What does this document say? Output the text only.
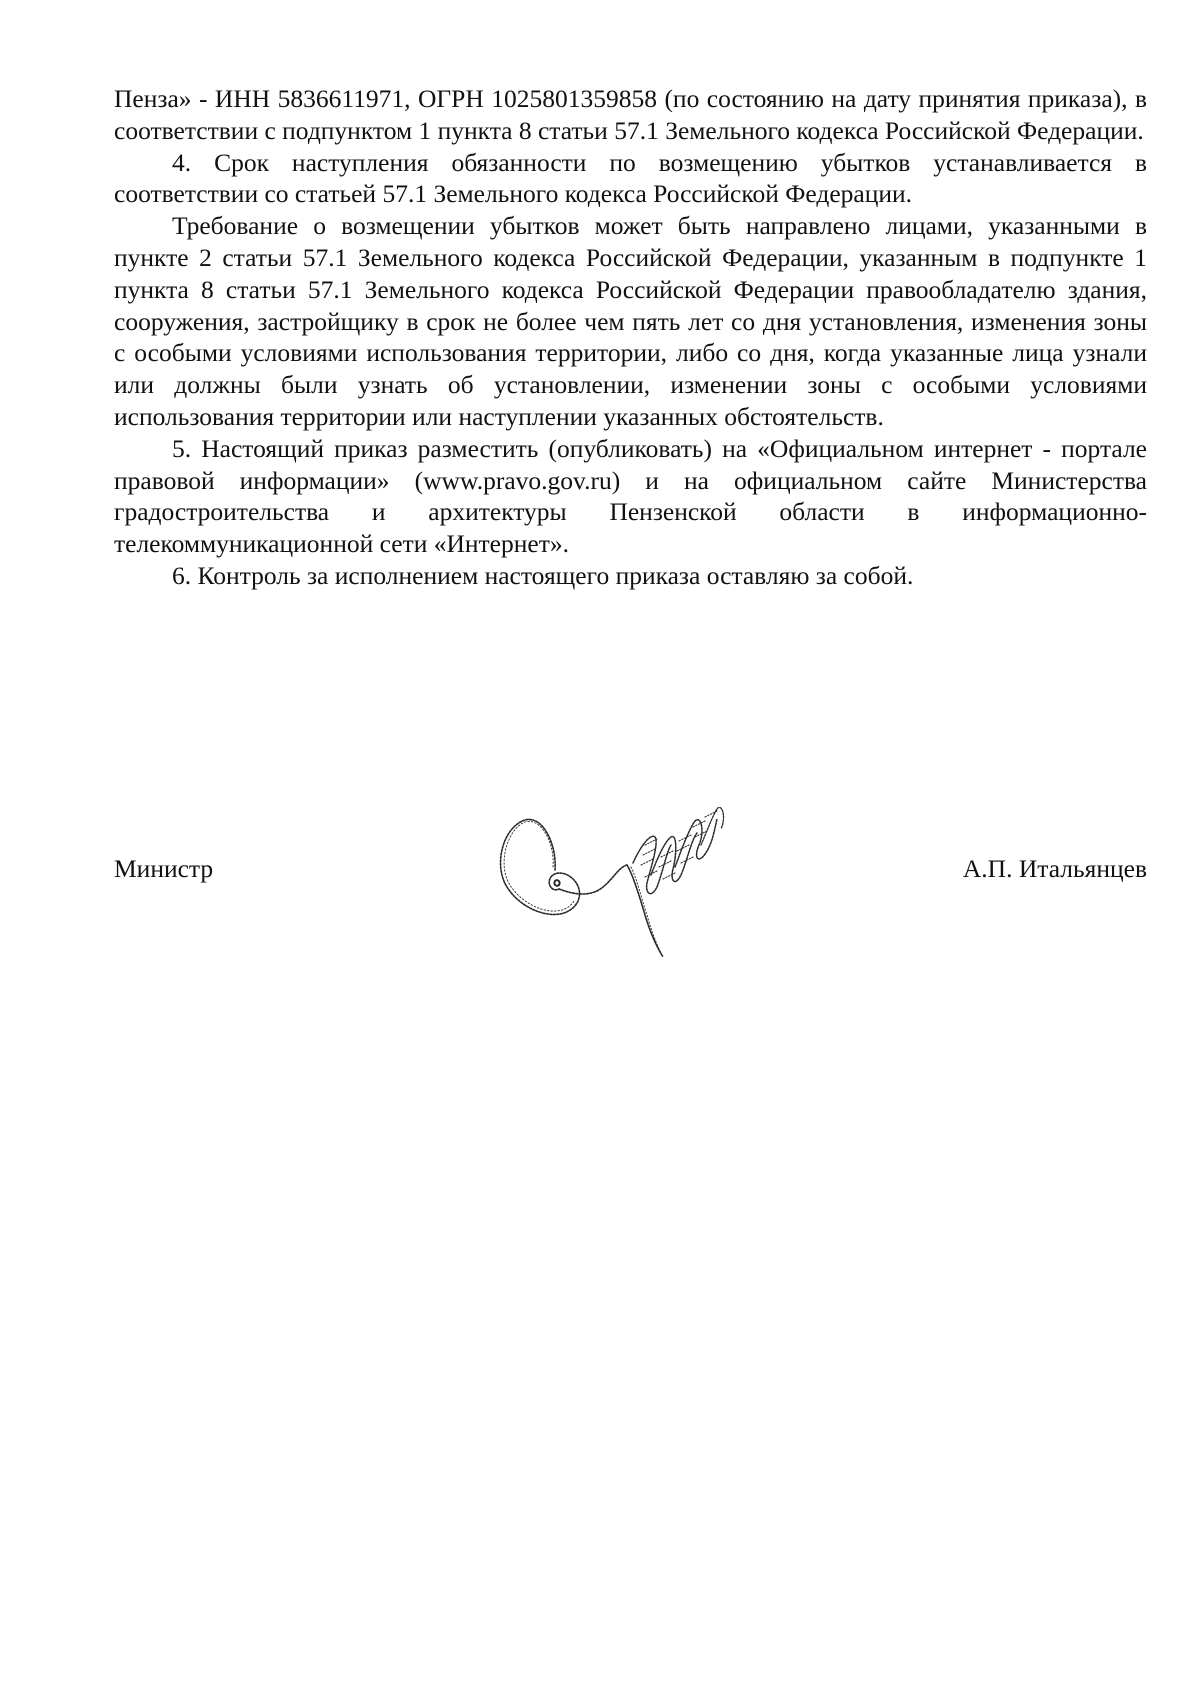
Пенза» - ИНН 5836611971, ОГРН 1025801359858 (по состоянию на дату принятия приказа), в соответствии с подпунктом 1 пункта 8 статьи 57.1 Земельного кодекса Российской Федерации.

4. Срок наступления обязанности по возмещению убытков устанавливается в соответствии со статьей 57.1 Земельного кодекса Российской Федерации.

Требование о возмещении убытков может быть направлено лицами, указанными в пункте 2 статьи 57.1 Земельного кодекса Российской Федерации, указанным в подпункте 1 пункта 8 статьи 57.1 Земельного кодекса Российской Федерации правообладателю здания, сооружения, застройщику в срок не более чем пять лет со дня установления, изменения зоны с особыми условиями использования территории, либо со дня, когда указанные лица узнали или должны были узнать об установлении, изменении зоны с особыми условиями использования территории или наступлении указанных обстоятельств.

5. Настоящий приказ разместить (опубликовать) на «Официальном интернет - портале правовой информации» (www.pravo.gov.ru) и на официальном сайте Министерства градостроительства и архитектуры Пензенской области в информационно-телекоммуникационной сети «Интернет».

6. Контроль за исполнением настоящего приказа оставляю за собой.

Министр	А.П. Итальянцев
